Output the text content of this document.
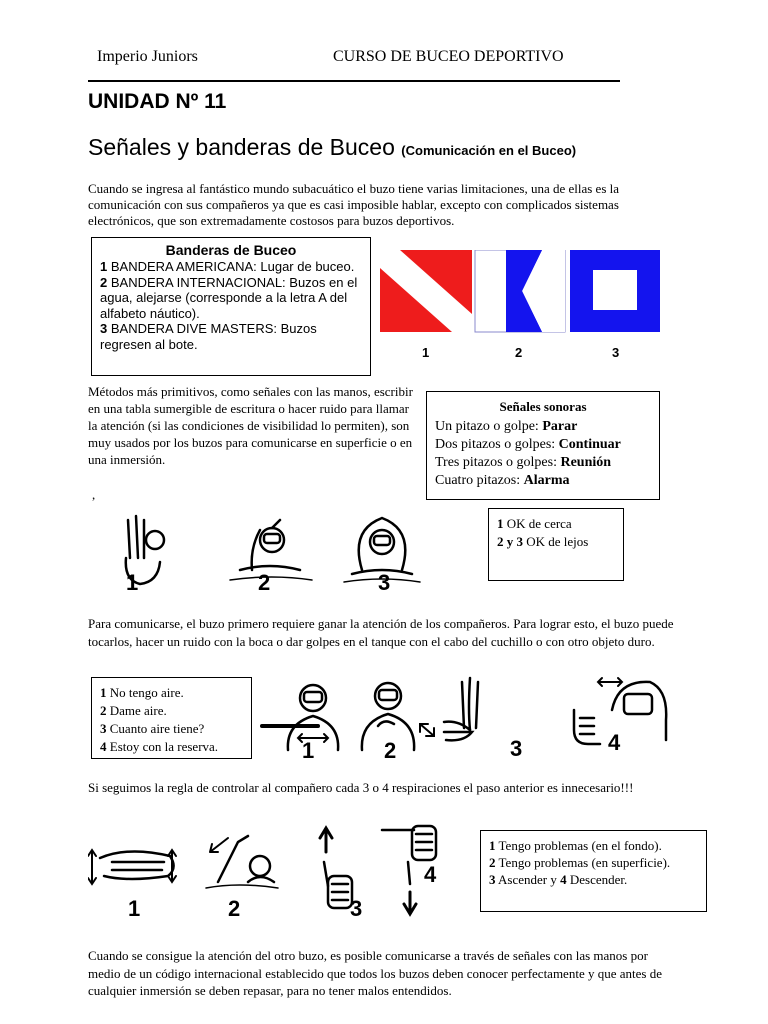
Imperio Juniors	CURSO DE BUCEO DEPORTIVO
UNIDAD Nº 11
Señales y banderas de Buceo (Comunicación en el Buceo)
Cuando se ingresa al fantástico mundo subacuático el buzo tiene varias limitaciones, una de ellas es la comunicación con sus compañeros ya que es casi imposible hablar, excepto con complicados sistemas electrónicos, que son extremadamente costosos para buzos deportivos.
Banderas de Buceo
1 BANDERA AMERICANA: Lugar de buceo.
2 BANDERA INTERNACIONAL: Buzos en el agua, alejarse (corresponde a la letra A del alfabeto náutico).
3 BANDERA DIVE MASTERS: Buzos regresen al bote.
1	2	3
Métodos más primitivos, como señales con las manos, escribir en una tabla sumergible de escritura o hacer ruido para llamar la atención (si las condiciones de visibilidad lo permiten), son muy usados por los buzos para comunicarse en superficie o en una inmersión.
,
Señales sonoras
Un pitazo o golpe: Parar
Dos pitazos o golpes: Continuar
Tres pitazos o golpes: Reunión
Cuatro pitazos: Alarma
1	2	3
1 OK de cerca
2 y 3 OK de lejos
Para comunicarse, el buzo primero requiere ganar la atención de los compañeros. Para lograr esto, el buzo puede tocarlos, hacer un ruido con la boca o dar golpes en el tanque con el cabo del cuchillo o con otro objeto duro.
1 No tengo aire.
2 Dame aire.
3 Cuanto aire tiene?
4 Estoy con la reserva.	1	2	3	4
Si seguimos la regla de controlar al compañero cada 3 o 4 respiraciones el paso anterior es innecesario!!!
1	2	3
4
1 Tengo problemas (en el fondo).
2 Tengo problemas (en superficie).
3 Ascender y 4 Descender.
Cuando se consigue la atención del otro buzo, es posible comunicarse a través de señales con las manos por medio de un código internacional establecido que todos los buzos deben conocer perfectamente y que antes de cualquier inmersión se deben repasar, para no tener malos entendidos.
